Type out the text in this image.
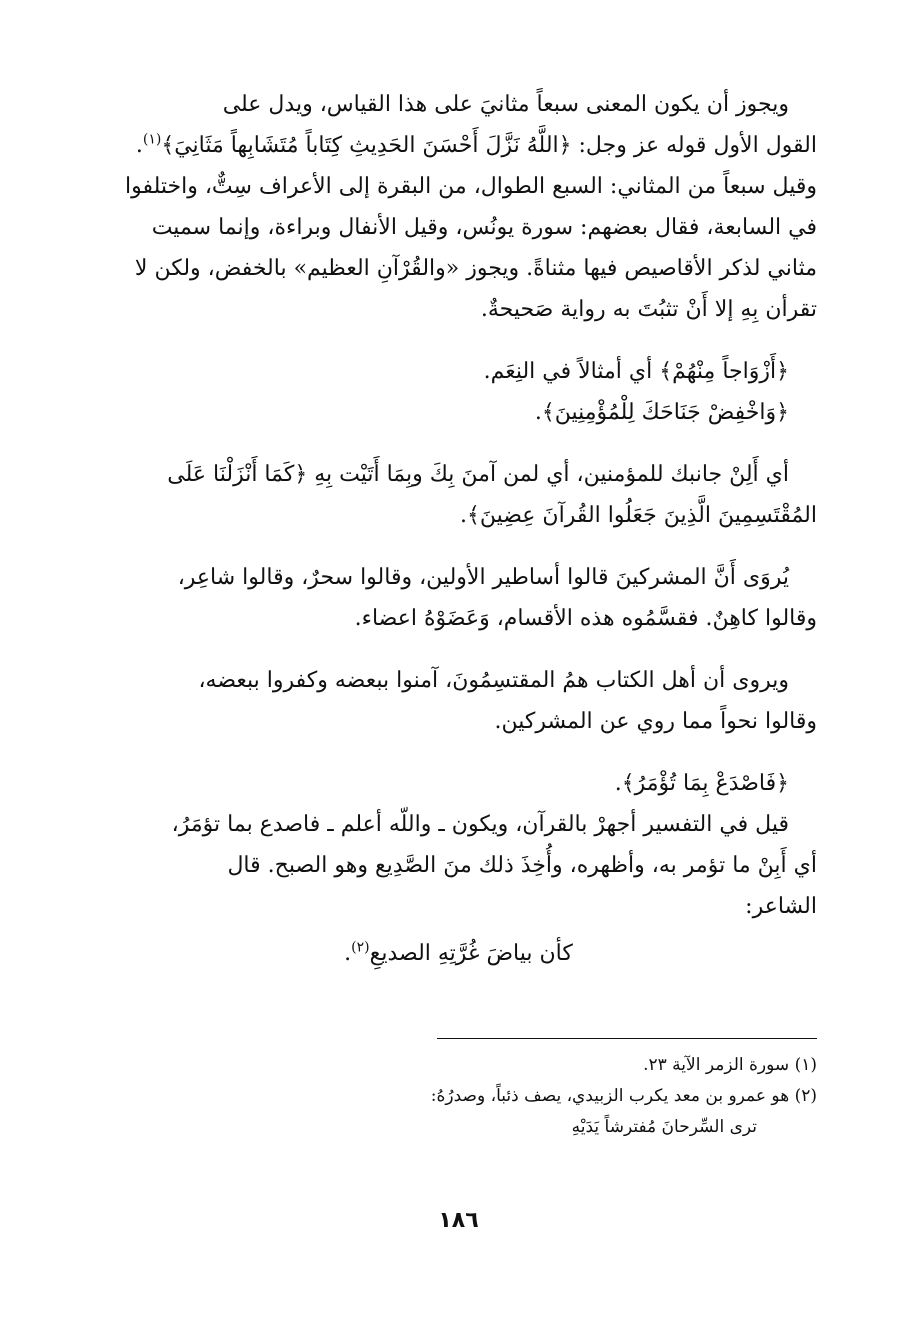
ويجوز أن يكون المعنى سبعاً مثانيَ على هذا القياس، ويدل على

القول الأول قوله عز وجل: ﴿اللَّهُ نَزَّلَ أَحْسَنَ الحَدِيثِ كِتَاباً مُتَشَابِهاً مَثَانِيَ﴾$^{(١)}$.

وقيل سبعاً من المثاني: السبع الطوال، من البقرة إلى الأعراف سِتٌّ، واختلفوا

في السابعة، فقال بعضهم: سورة يونُس، وقيل الأنفال وبراءة، وإنما سميت

مثاني لذكر الأقاصيص فيها مثناةً. ويجوز «والقُرْآنِ العظيم» بالخفض، ولكن لا

تقرأن بِهِ إلا أَنْ تثبُتَ به رواية صَحيحةٌ.

﴿أَزْوَاجاً مِنْهُمْ﴾ أي أمثالاً في النِعَم.

﴿وَاخْفِضْ جَنَاحَكَ لِلْمُؤْمِنِينَ﴾.

أي أَلِنْ جانبك للمؤمنين، أي لمن آمنَ بِكَ وبِمَا أَتَيْت بِهِ ﴿كَمَا أَنْزَلْنَا عَلَى

المُقْتَسِمِينَ الَّذِينَ جَعَلُوا القُرآنَ عِضِينَ﴾.

يُروَى أَنَّ المشركينَ قالوا أساطير الأولين، وقالوا سحرٌ، وقالوا شاعِر،

وقالوا كاهِنٌ. فقسَّمُوه هذه الأقسام، وَعَضَوْهُ اعضاء.

ويروى أن أهل الكتاب همُ المقتسِمُونَ، آمنوا ببعضه وكفروا ببعضه،

وقالوا نحواً مما روي عن المشركين.

﴿فَاصْدَعْ بِمَا تُؤْمَرُ﴾.

قيل في التفسير أجهرْ بالقرآن، ويكون ـ واللّه أعلم ـ فاصدع بما تؤمَرُ،

أي أَبِنْ ما تؤمر به، وأظهره، وأُخِذَ ذلك منَ الصَّدِيع وهو الصبح. قال

الشاعر:

كأن بياضَ غُرَّتِهِ الصديعِ$^{(٢)}$.

(١) سورة الزمر الآية ٢٣.

(٢) هو عمرو بن معد يكرب الزبيدي، يصف ذئباً، وصدرُهُ:

ترى السِّرحانَ مُفترشاً يَدَيْهِ

١٨٦
